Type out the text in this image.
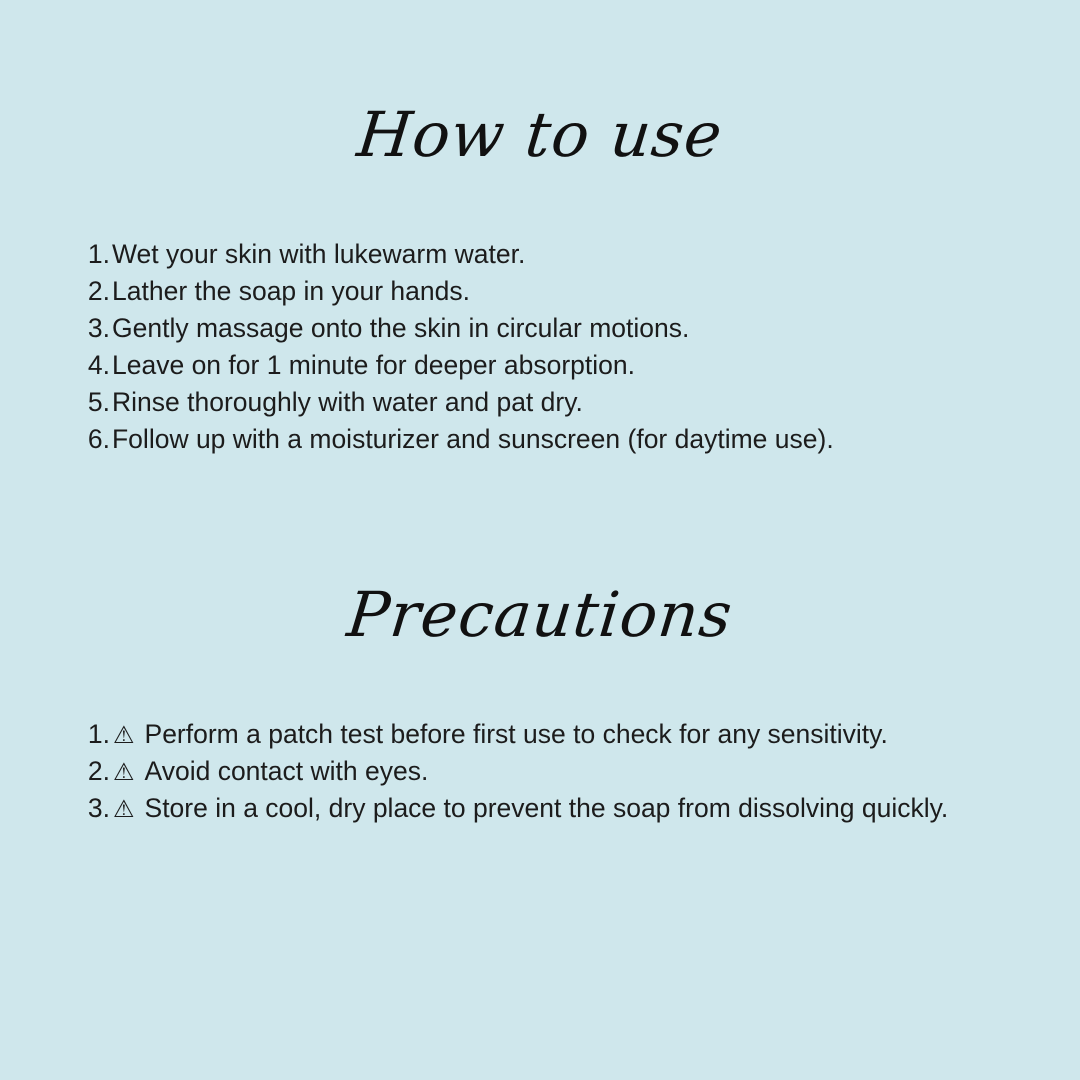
How to use
1. Wet your skin with lukewarm water.
2. Lather the soap in your hands.
3. Gently massage onto the skin in circular motions.
4. Leave on for 1 minute for deeper absorption.
5. Rinse thoroughly with water and pat dry.
6. Follow up with a moisturizer and sunscreen (for daytime use).
Precautions
1. ⚠ Perform a patch test before first use to check for any sensitivity.
2. ⚠ Avoid contact with eyes.
3. ⚠ Store in a cool, dry place to prevent the soap from dissolving quickly.
